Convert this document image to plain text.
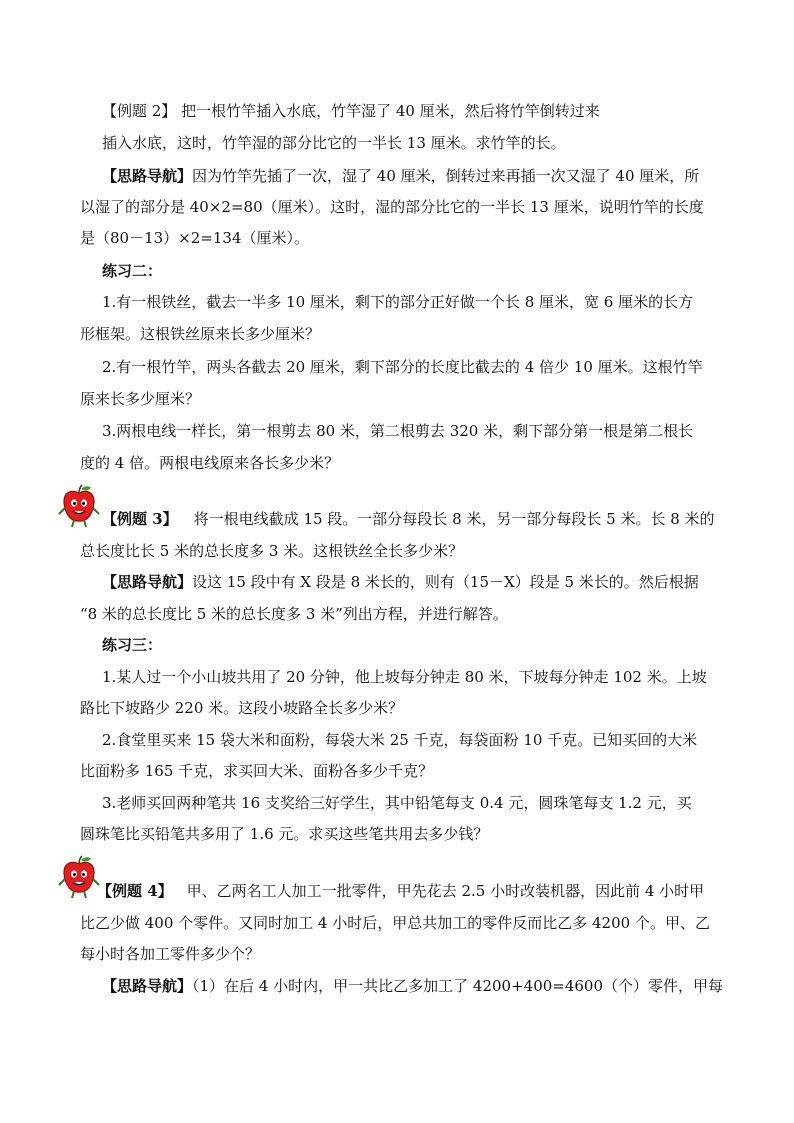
【例题 2】 把一根竹竿插入水底，竹竿湿了 40 厘米，然后将竹竿倒转过来
插入水底，这时，竹竿湿的部分比它的一半长 13 厘米。求竹竿的长。
【思路导航】因为竹竿先插了一次，湿了 40 厘米，倒转过来再插一次又湿了 40 厘米，所
以湿了的部分是 40×2=80（厘米）。这时，湿的部分比它的一半长 13 厘米，说明竹竿的长度
是（80－13）×2=134（厘米）。
练习二：
1.有一根铁丝，截去一半多 10 厘米，剩下的部分正好做一个长 8 厘米，宽 6 厘米的长方
形框架。这根铁丝原来长多少厘米？
2.有一根竹竿，两头各截去 20 厘米，剩下部分的长度比截去的 4 倍少 10 厘米。这根竹竿
原来长多少厘米？
3.两根电线一样长，第一根剪去 80 米，第二根剪去 320 米，剩下部分第一根是第二根长
度的 4 倍。两根电线原来各长多少米？
【例题 3】 将一根电线截成 15 段。一部分每段长 8 米，另一部分每段长 5 米。长 8 米的
总长度比长 5 米的总长度多 3 米。这根铁丝全长多少米？
【思路导航】设这 15 段中有 X 段是 8 米长的，则有（15－X）段是 5 米长的。然后根据
“8 米的总长度比 5 米的总长度多 3 米”列出方程，并进行解答。
练习三：
1.某人过一个小山坡共用了 20 分钟，他上坡每分钟走 80 米，下坡每分钟走 102 米。上坡
路比下坡路少 220 米。这段小坡路全长多少米？
2.食堂里买来 15 袋大米和面粉，每袋大米 25 千克，每袋面粉 10 千克。已知买回的大米
比面粉多 165 千克，求买回大米、面粉各多少千克？
3.老师买回两种笔共 16 支奖给三好学生，其中铅笔每支 0.4 元，圆珠笔每支 1.2 元，买
圆珠笔比买铅笔共多用了 1.6 元。求买这些笔共用去多少钱？
【例题 4】 甲、乙两名工人加工一批零件，甲先花去 2.5 小时改装机器，因此前 4 小时甲
比乙少做 400 个零件。又同时加工 4 小时后，甲总共加工的零件反而比乙多 4200 个。甲、乙
每小时各加工零件多少个？
【思路导航】（1）在后 4 小时内，甲一共比乙多加工了 4200+400=4600（个）零件，甲每
